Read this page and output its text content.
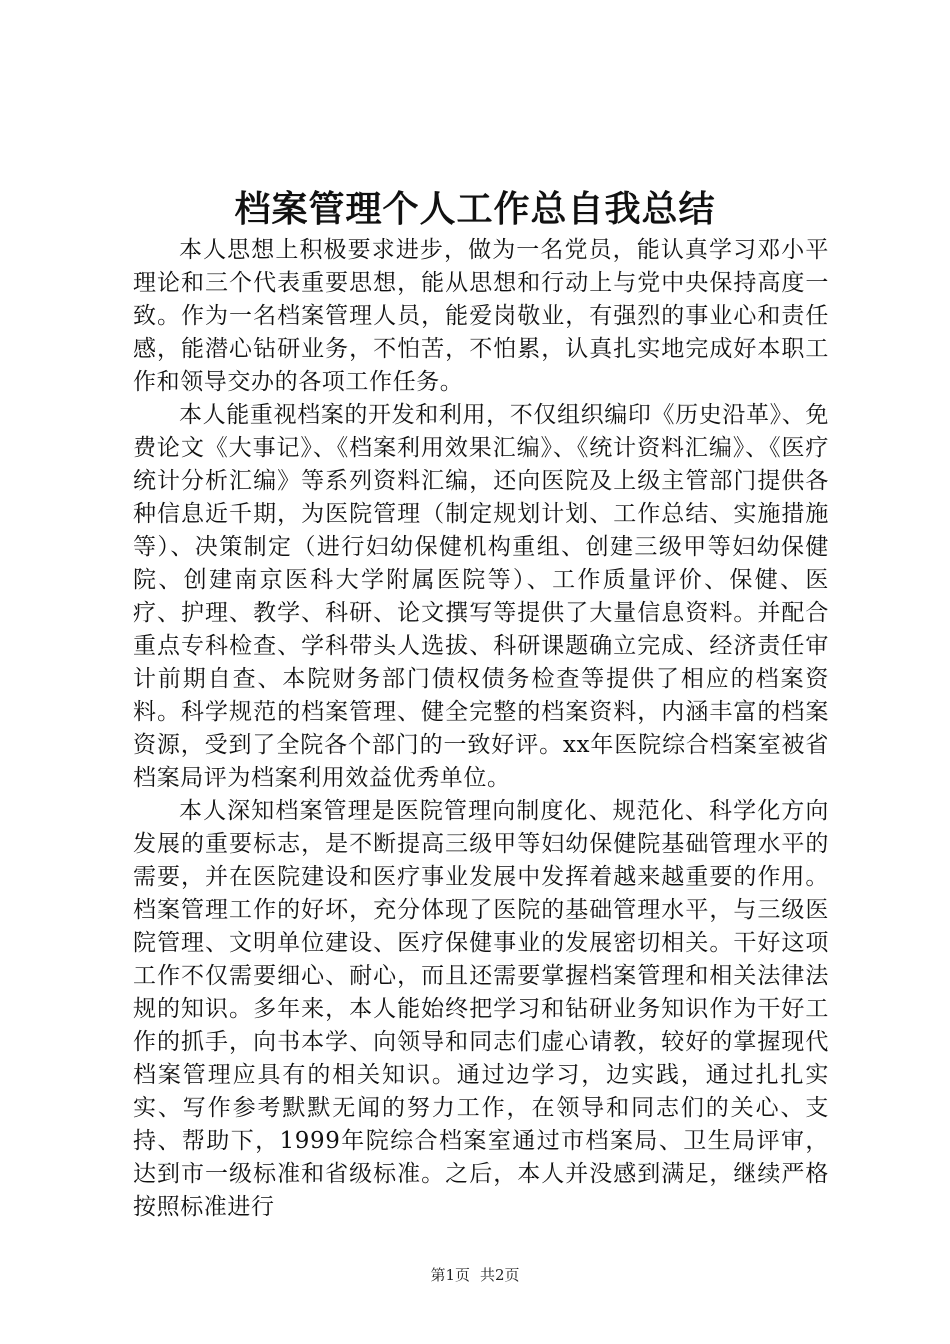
档案管理个人工作总自我总结

本人思想上积极要求进步，做为一名党员，能认真学习邓小平理论和三个代表重要思想，能从思想和行动上与党中央保持高度一致。作为一名档案管理人员，能爱岗敬业，有强烈的事业心和责任感，能潜心钻研业务，不怕苦，不怕累，认真扎实地完成好本职工作和领导交办的各项工作任务。

本人能重视档案的开发和利用，不仅组织编印《历史沿革》、免费论文《大事记》、《档案利用效果汇编》、《统计资料汇编》、《医疗统计分析汇编》等系列资料汇编，还向医院及上级主管部门提供各种信息近千期，为医院管理（制定规划计划、工作总结、实施措施等）、决策制定（进行妇幼保健机构重组、创建三级甲等妇幼保健院、创建南京医科大学附属医院等）、工作质量评价、保健、医疗、护理、教学、科研、论文撰写等提供了大量信息资料。并配合重点专科检查、学科带头人选拔、科研课题确立完成、经济责任审计前期自查、本院财务部门债权债务检查等提供了相应的档案资料。科学规范的档案管理、健全完整的档案资料，内涵丰富的档案资源，受到了全院各个部门的一致好评。xx年医院综合档案室被省档案局评为档案利用效益优秀单位。

本人深知档案管理是医院管理向制度化、规范化、科学化方向发展的重要标志，是不断提高三级甲等妇幼保健院基础管理水平的需要，并在医院建设和医疗事业发展中发挥着越来越重要的作用。档案管理工作的好坏，充分体现了医院的基础管理水平，与三级医院管理、文明单位建设、医疗保健事业的发展密切相关。干好这项工作不仅需要细心、耐心，而且还需要掌握档案管理和相关法律法规的知识。多年来，本人能始终把学习和钻研业务知识作为干好工作的抓手，向书本学、向领导和同志们虚心请教，较好的掌握现代档案管理应具有的相关知识。通过边学习，边实践，通过扎扎实实、写作参考默默无闻的努力工作，在领导和同志们的关心、支持、帮助下，1999年院综合档案室通过市档案局、卫生局评审，达到市一级标准和省级标准。之后，本人并没感到满足，继续严格按照标准进行

第1页 共2页
